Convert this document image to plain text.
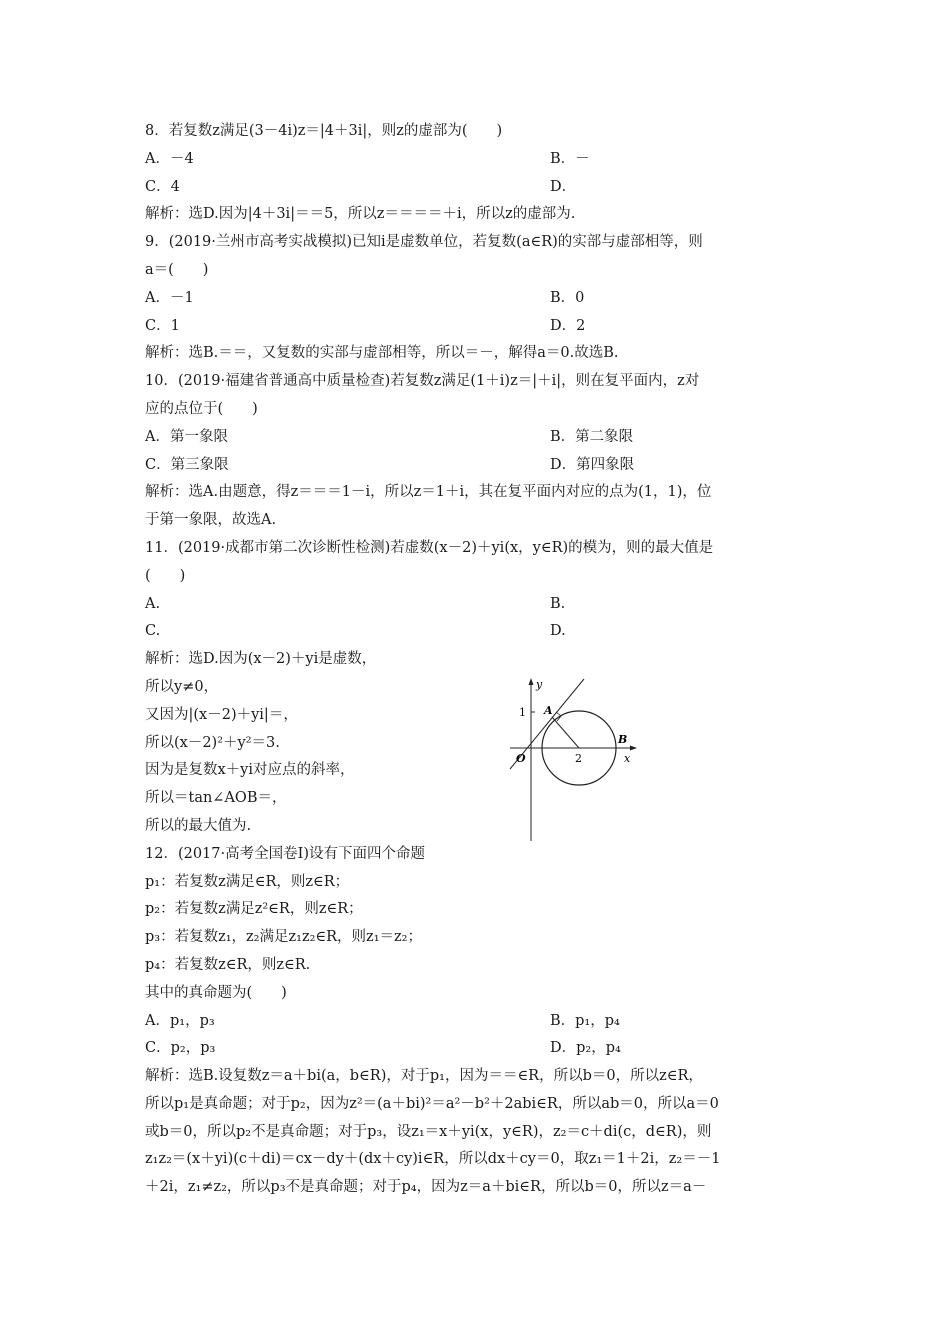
8．若复数z满足(3－4i)z＝|4＋3i|，则z的虚部为(　　)
A．－4	B．－
C．4	D．
解析：选D.因为|4＋3i|＝＝5，所以z＝＝＝＝＋i，所以z的虚部为.
9．(2019·兰州市高考实战模拟)已知i是虚数单位，若复数(a∈R)的实部与虚部相等，则
a＝(　　)
A．－1	B．0
C．1	D．2
解析：选B.＝＝，又复数的实部与虚部相等，所以＝－，解得a＝0.故选B.
10．(2019·福建省普通高中质量检查)若复数z满足(1＋i)z＝|＋i|，则在复平面内，z对
应的点位于(　　)
A．第一象限	B．第二象限
C．第三象限	D．第四象限
解析：选A.由题意，得z＝＝＝1－i，所以z＝1＋i，其在复平面内对应的点为(1，1)，位
于第一象限，故选A.
11．(2019·成都市第二次诊断性检测)若虚数(x－2)＋yi(x，y∈R)的模为，则的最大值是
(　　)
A.	B.
C.	D.
解析：选D.因为(x－2)＋yi是虚数，
所以y≠0，
又因为|(x－2)＋yi|＝，
所以(x－2)²＋y²＝3.
因为是复数x＋yi对应点的斜率，
所以＝tan∠AOB＝，
所以的最大值为.
12．(2017·高考全国卷Ⅰ)设有下面四个命题
p₁：若复数z满足∈R，则z∈R；
p₂：若复数z满足z²∈R，则z∈R；
p₃：若复数z₁，z₂满足z₁z₂∈R，则z₁＝z₂；
p₄：若复数z∈R，则z∈R.
其中的真命题为(　　)
A．p₁，p₃	B．p₁，p₄
C．p₂，p₃	D．p₂，p₄
解析：选B.设复数z＝a＋bi(a，b∈R)，对于p₁，因为＝＝∈R，所以b＝0，所以z∈R，
所以p₁是真命题；对于p₂，因为z²＝(a＋bi)²＝a²－b²＋2abi∈R，所以ab＝0，所以a＝0
或b＝0，所以p₂不是真命题；对于p₃，设z₁＝x＋yi(x，y∈R)，z₂＝c＋di(c，d∈R)，则
z₁z₂＝(x＋yi)(c＋di)＝cx－dy＋(dx＋cy)i∈R，所以dx＋cy＝0，取z₁＝1＋2i，z₂＝－1
＋2i，z₁≠z₂，所以p₃不是真命题；对于p₄，因为z＝a＋bi∈R，所以b＝0，所以z＝a－
y
x
O
1
2
A
B
